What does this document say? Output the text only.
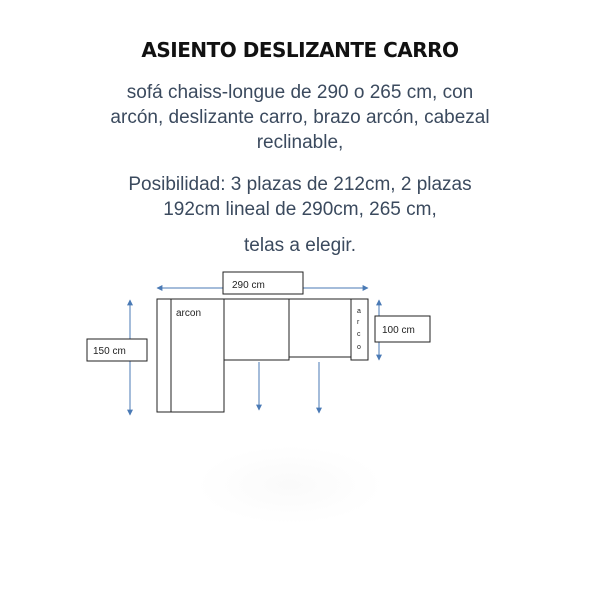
ASIENTO DESLIZANTE CARRO
sofá chaiss-longue de 290 o 265 cm, con
arcón, deslizante carro, brazo arcón, cabezal
reclinable,
Posibilidad: 3 plazas de 212cm, 2 plazas
192cm lineal de 290cm, 265 cm,
telas a elegir.
290 cm
150 cm
100 cm
arcon	a
r
c
o
